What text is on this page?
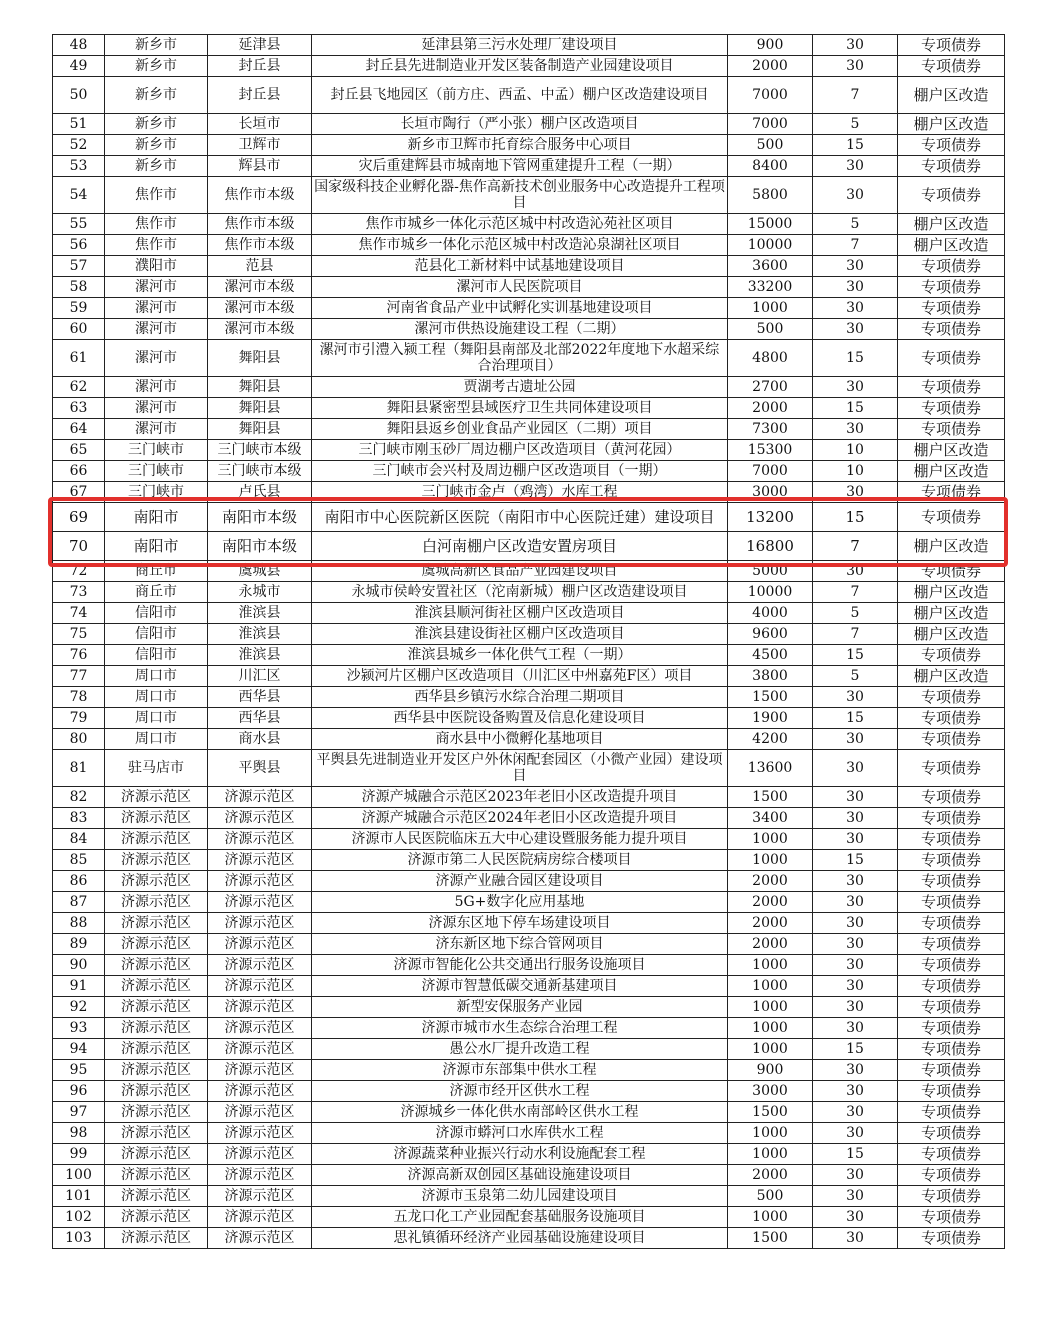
48	新乡市	延津县	延津县第三污水处理厂建设项目	900	30	专项债券
49	新乡市	封丘县	封丘县先进制造业开发区装备制造产业园建设项目	2000	30	专项债券
50	新乡市	封丘县	封丘县飞地园区（前方庄、西孟、中孟）棚户区改造建设项目	7000	7	棚户区改造
51	新乡市	长垣市	长垣市陶行（严小张）棚户区改造项目	7000	5	棚户区改造
52	新乡市	卫辉市	新乡市卫辉市托育综合服务中心项目	500	15	专项债券
53	新乡市	辉县市	灾后重建辉县市城南地下管网重建提升工程（一期）	8400	30	专项债券
54	焦作市	焦作市本级	国家级科技企业孵化器-焦作高新技术创业服务中心改造提升工程项目	5800	30	专项债券
55	焦作市	焦作市本级	焦作市城乡一体化示范区城中村改造沁苑社区项目	15000	5	棚户区改造
56	焦作市	焦作市本级	焦作市城乡一体化示范区城中村改造沁泉湖社区项目	10000	7	棚户区改造
57	濮阳市	范县	范县化工新材料中试基地建设项目	3600	30	专项债券
58	漯河市	漯河市本级	漯河市人民医院项目	33200	30	专项债券
59	漯河市	漯河市本级	河南省食品产业中试孵化实训基地建设项目	1000	30	专项债券
60	漯河市	漯河市本级	漯河市供热设施建设工程（二期）	500	30	专项债券
61	漯河市	舞阳县	漯河市引澧入颍工程（舞阳县南部及北部2022年度地下水超采综合治理项目）	4800	15	专项债券
62	漯河市	舞阳县	贾湖考古遗址公园	2700	30	专项债券
63	漯河市	舞阳县	舞阳县紧密型县域医疗卫生共同体建设项目	2000	15	专项债券
64	漯河市	舞阳县	舞阳县返乡创业食品产业园区（二期）项目	7300	30	专项债券
65	三门峡市	三门峡市本级	三门峡市刚玉砂厂周边棚户区改造项目（黄河花园）	15300	10	棚户区改造
66	三门峡市	三门峡市本级	三门峡市会兴村及周边棚户区改造项目（一期）	7000	10	棚户区改造
67	三门峡市	卢氏县	三门峡市金卢（鸡湾）水库工程	3000	30	专项债券
69	南阳市	南阳市本级	南阳市中心医院新区医院（南阳市中心医院迁建）建设项目	13200	15	专项债券
70	南阳市	南阳市本级	白河南棚户区改造安置房项目	16800	7	棚户区改造
72	商丘市	虞城县	虞城高新区食品产业园建设项目	5000	30	专项债券
73	商丘市	永城市	永城市侯岭安置社区（沱南新城）棚户区改造建设项目	10000	7	棚户区改造
74	信阳市	淮滨县	淮滨县顺河街社区棚户区改造项目	4000	5	棚户区改造
75	信阳市	淮滨县	淮滨县建设街社区棚户区改造项目	9600	7	棚户区改造
76	信阳市	淮滨县	淮滨县城乡一体化供气工程（一期）	4500	15	专项债券
77	周口市	川汇区	沙颍河片区棚户区改造项目（川汇区中州嘉苑F区）项目	3800	5	棚户区改造
78	周口市	西华县	西华县乡镇污水综合治理二期项目	1500	30	专项债券
79	周口市	西华县	西华县中医院设备购置及信息化建设项目	1900	15	专项债券
80	周口市	商水县	商水县中小微孵化基地项目	4200	30	专项债券
81	驻马店市	平舆县	平舆县先进制造业开发区户外休闲配套园区（小微产业园）建设项目	13600	30	专项债券
82	济源示范区	济源示范区	济源产城融合示范区2023年老旧小区改造提升项目	1500	30	专项债券
83	济源示范区	济源示范区	济源产城融合示范区2024年老旧小区改造提升项目	3400	30	专项债券
84	济源示范区	济源示范区	济源市人民医院临床五大中心建设暨服务能力提升项目	1000	30	专项债券
85	济源示范区	济源示范区	济源市第二人民医院病房综合楼项目	1000	15	专项债券
86	济源示范区	济源示范区	济源产业融合园区建设项目	2000	30	专项债券
87	济源示范区	济源示范区	5G+数字化应用基地	2000	30	专项债券
88	济源示范区	济源示范区	济源东区地下停车场建设项目	2000	30	专项债券
89	济源示范区	济源示范区	济东新区地下综合管网项目	2000	30	专项债券
90	济源示范区	济源示范区	济源市智能化公共交通出行服务设施项目	1000	30	专项债券
91	济源示范区	济源示范区	济源市智慧低碳交通新基建项目	1000	30	专项债券
92	济源示范区	济源示范区	新型安保服务产业园	1000	30	专项债券
93	济源示范区	济源示范区	济源市城市水生态综合治理工程	1000	30	专项债券
94	济源示范区	济源示范区	愚公水厂提升改造工程	1000	15	专项债券
95	济源示范区	济源示范区	济源市东部集中供水工程	900	30	专项债券
96	济源示范区	济源示范区	济源市经开区供水工程	3000	30	专项债券
97	济源示范区	济源示范区	济源城乡一体化供水南部岭区供水工程	1500	30	专项债券
98	济源示范区	济源示范区	济源市蟒河口水库供水工程	1000	30	专项债券
99	济源示范区	济源示范区	济源蔬菜种业振兴行动水利设施配套工程	1000	15	专项债券
100	济源示范区	济源示范区	济源高新双创园区基础设施建设项目	2000	30	专项债券
101	济源示范区	济源示范区	济源市玉泉第二幼儿园建设项目	500	30	专项债券
102	济源示范区	济源示范区	五龙口化工产业园配套基础服务设施项目	1000	30	专项债券
103	济源示范区	济源示范区	思礼镇循环经济产业园基础设施建设项目	1500	30	专项债券
